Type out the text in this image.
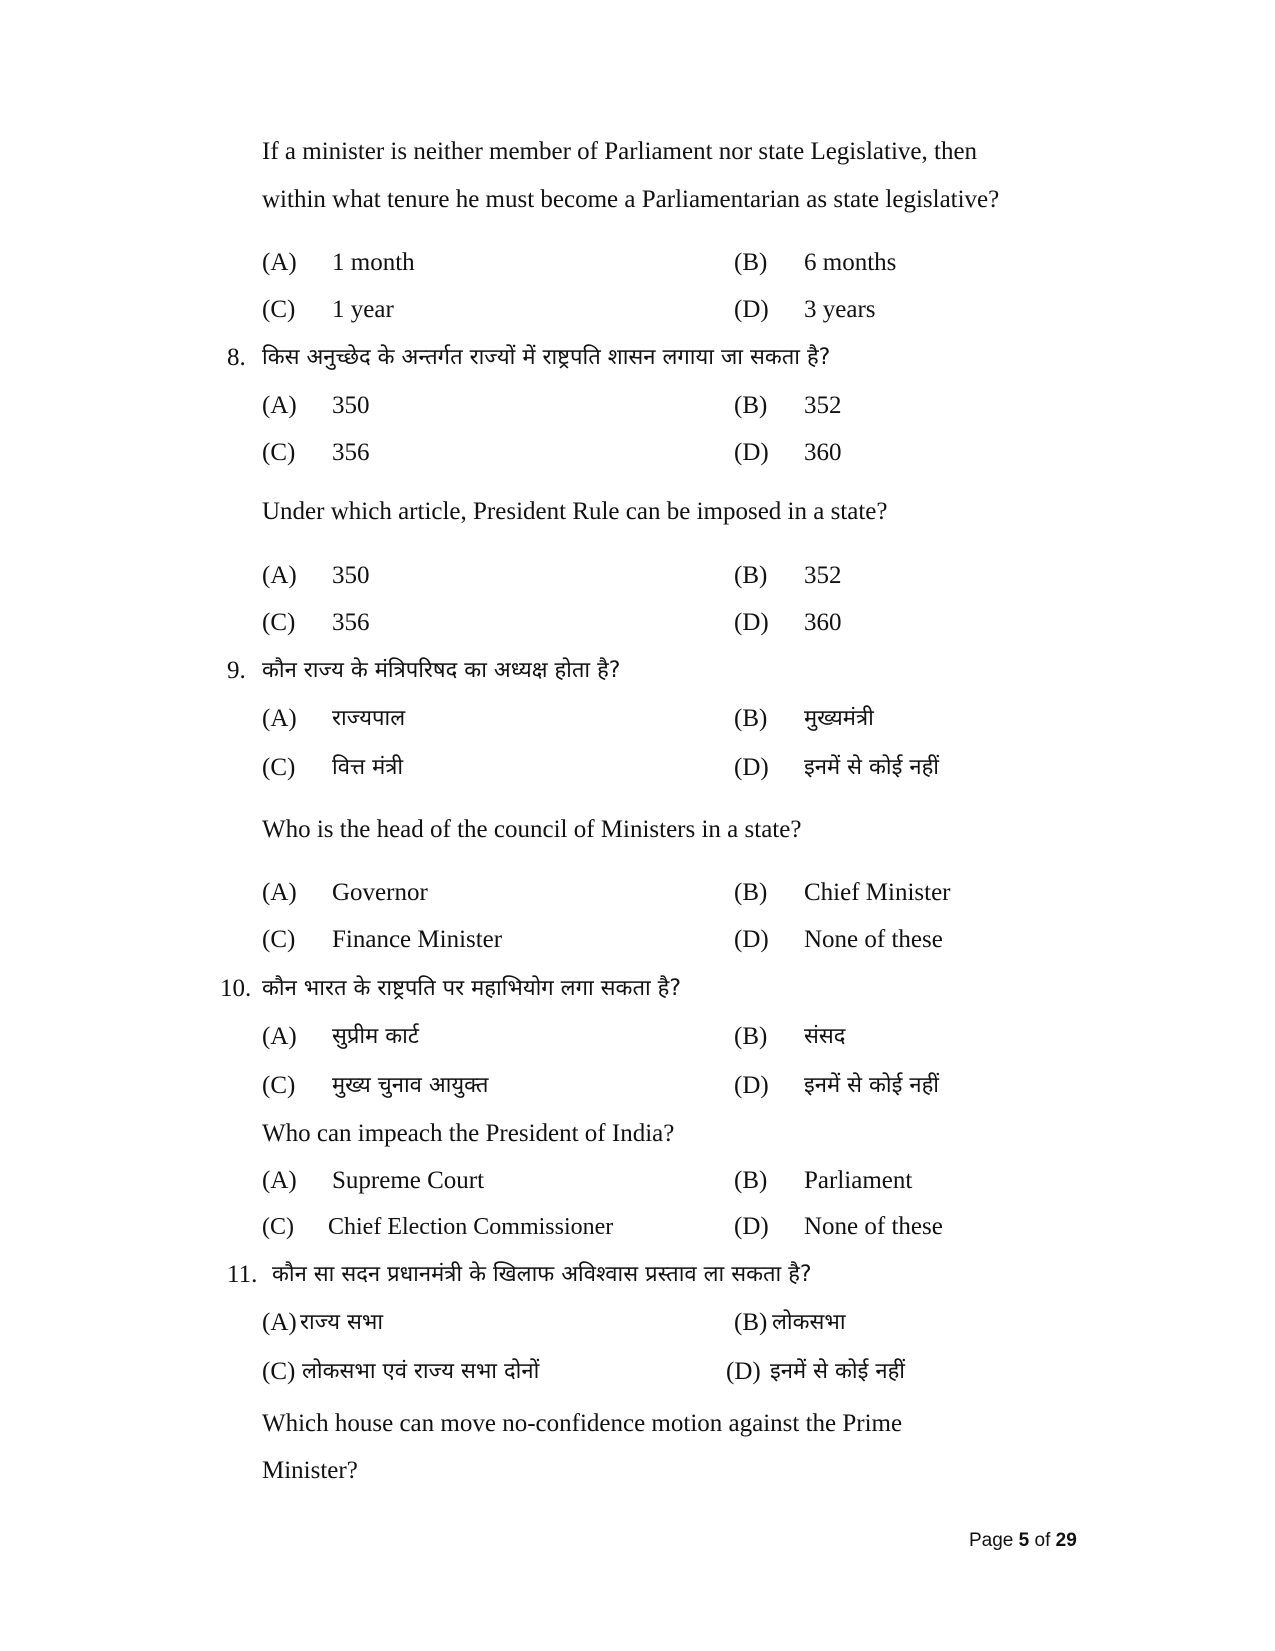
If a minister is neither member of Parliament nor state Legislative, then

within what tenure he must become a Parliamentarian as state legislative?

(A) 1 month	(B) 6 months
(C) 1 year	(D) 3 years
8. किस अनुच्छेद के अन्तर्गत राज्यों में राष्ट्रपति शासन लगाया जा सकता है?
(A) 350	(B) 352
(C) 356	(D) 360

Under which article, President Rule can be imposed in a state?

(A) 350	(B) 352
(C) 356	(D) 360
9. कौन राज्य के मंत्रिपरिषद का अध्यक्ष होता है?
(A) राज्यपाल	(B) मुख्यमंत्री
(C) वित्त मंत्री	(D) इनमें से कोई नहीं

Who is the head of the council of Ministers in a state?

(A) Governor	(B) Chief Minister
(C) Finance Minister	(D) None of these
10. कौन भारत के राष्ट्रपति पर महाभियोग लगा सकता है?
(A) सुप्रीम कार्ट	(B) संसद
(C) मुख्य चुनाव आयुक्त	(D) इनमें से कोई नहीं

Who can impeach the President of India?

(A) Supreme Court	(B) Parliament
(C) Chief Election Commissioner	(D) None of these
11. कौन सा सदन प्रधानमंत्री के खिलाफ अविश्वास प्रस्ताव ला सकता है?
(A) राज्य सभा	(B) लोकसभा
(C) लोकसभा एवं राज्य सभा दोनों	(D) इनमें से कोई नहीं

Which house can move no-confidence motion against the Prime

Minister?

Page 5 of 29
